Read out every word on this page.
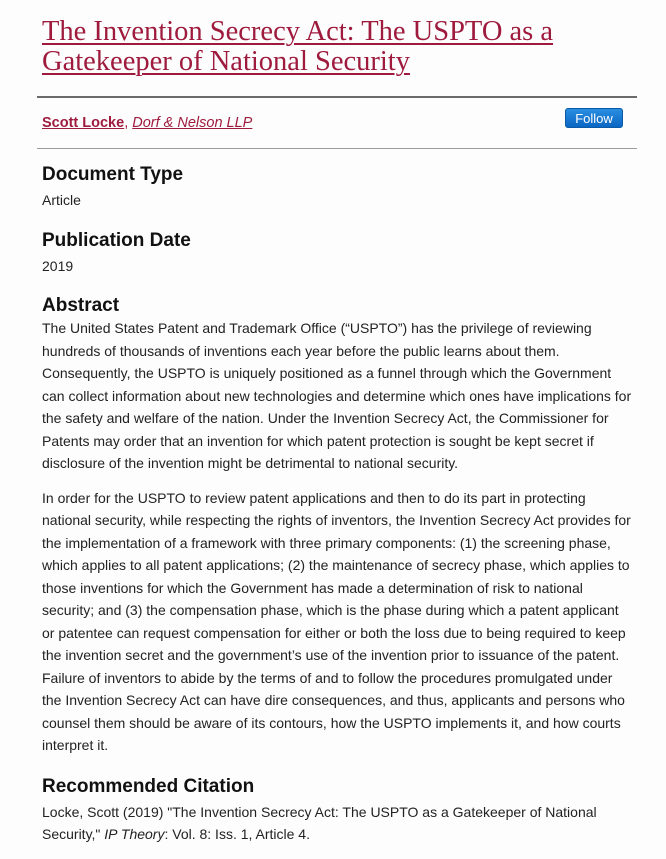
The Invention Secrecy Act: The USPTO as a Gatekeeper of National Security
Scott Locke, Dorf & Nelson LLP	Follow
Document Type
Article
Publication Date
2019
Abstract

The United States Patent and Trademark Office (“USPTO”) has the privilege of reviewing hundreds of thousands of inventions each year before the public learns about them. Consequently, the USPTO is uniquely positioned as a funnel through which the Government can collect information about new technologies and determine which ones have implications for the safety and welfare of the nation. Under the Invention Secrecy Act, the Commissioner for Patents may order that an invention for which patent protection is sought be kept secret if disclosure of the invention might be detrimental to national security.

In order for the USPTO to review patent applications and then to do its part in protecting national security, while respecting the rights of inventors, the Invention Secrecy Act provides for the implementation of a framework with three primary components: (1) the screening phase, which applies to all patent applications; (2) the maintenance of secrecy phase, which applies to those inventions for which the Government has made a determination of risk to national security; and (3) the compensation phase, which is the phase during which a patent applicant or patentee can request compensation for either or both the loss due to being required to keep the invention secret and the government’s use of the invention prior to issuance of the patent. Failure of inventors to abide by the terms of and to follow the procedures promulgated under the Invention Secrecy Act can have dire consequences, and thus, applicants and persons who counsel them should be aware of its contours, how the USPTO implements it, and how courts interpret it.

Recommended Citation
Locke, Scott (2019) "The Invention Secrecy Act: The USPTO as a Gatekeeper of National Security," IP Theory: Vol. 8: Iss. 1, Article 4.
